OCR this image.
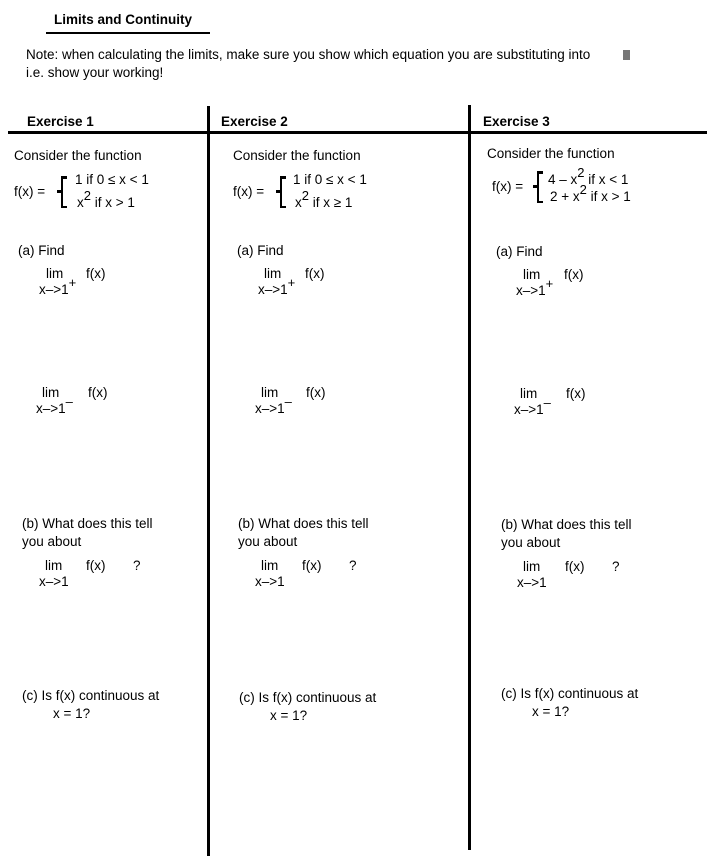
Limits and Continuity
Note: when calculating the limits, make sure you show which equation you are substituting into
i.e. show your working!
Exercise 1
Consider the function
f(x) =
1 if 0 ≤ x < 1
x2 if x > 1
(a) Find
lim f(x)
x–>1+
lim f(x)
x–>1–
(b) What does this tell
you about
lim f(x) ?
x–>1
(c) Is f(x) continuous at
x = 1?
Exercise 2
Consider the function
f(x) =
1 if 0 ≤ x < 1
x2 if x ≥ 1
(a) Find
lim f(x)
x–>1+
lim f(x)
x–>1–
(b) What does this tell
you about
lim f(x) ?
x–>1
(c) Is f(x) continuous at
x = 1?
Exercise 3
Consider the function
f(x) = 4 – x2 if x < 1
2 + x2 if x > 1
(a) Find
lim f(x)
x–>1+
lim f(x)
x–>1–
(b) What does this tell
you about
lim f(x) ?
x–>1
(c) Is f(x) continuous at
x = 1?
